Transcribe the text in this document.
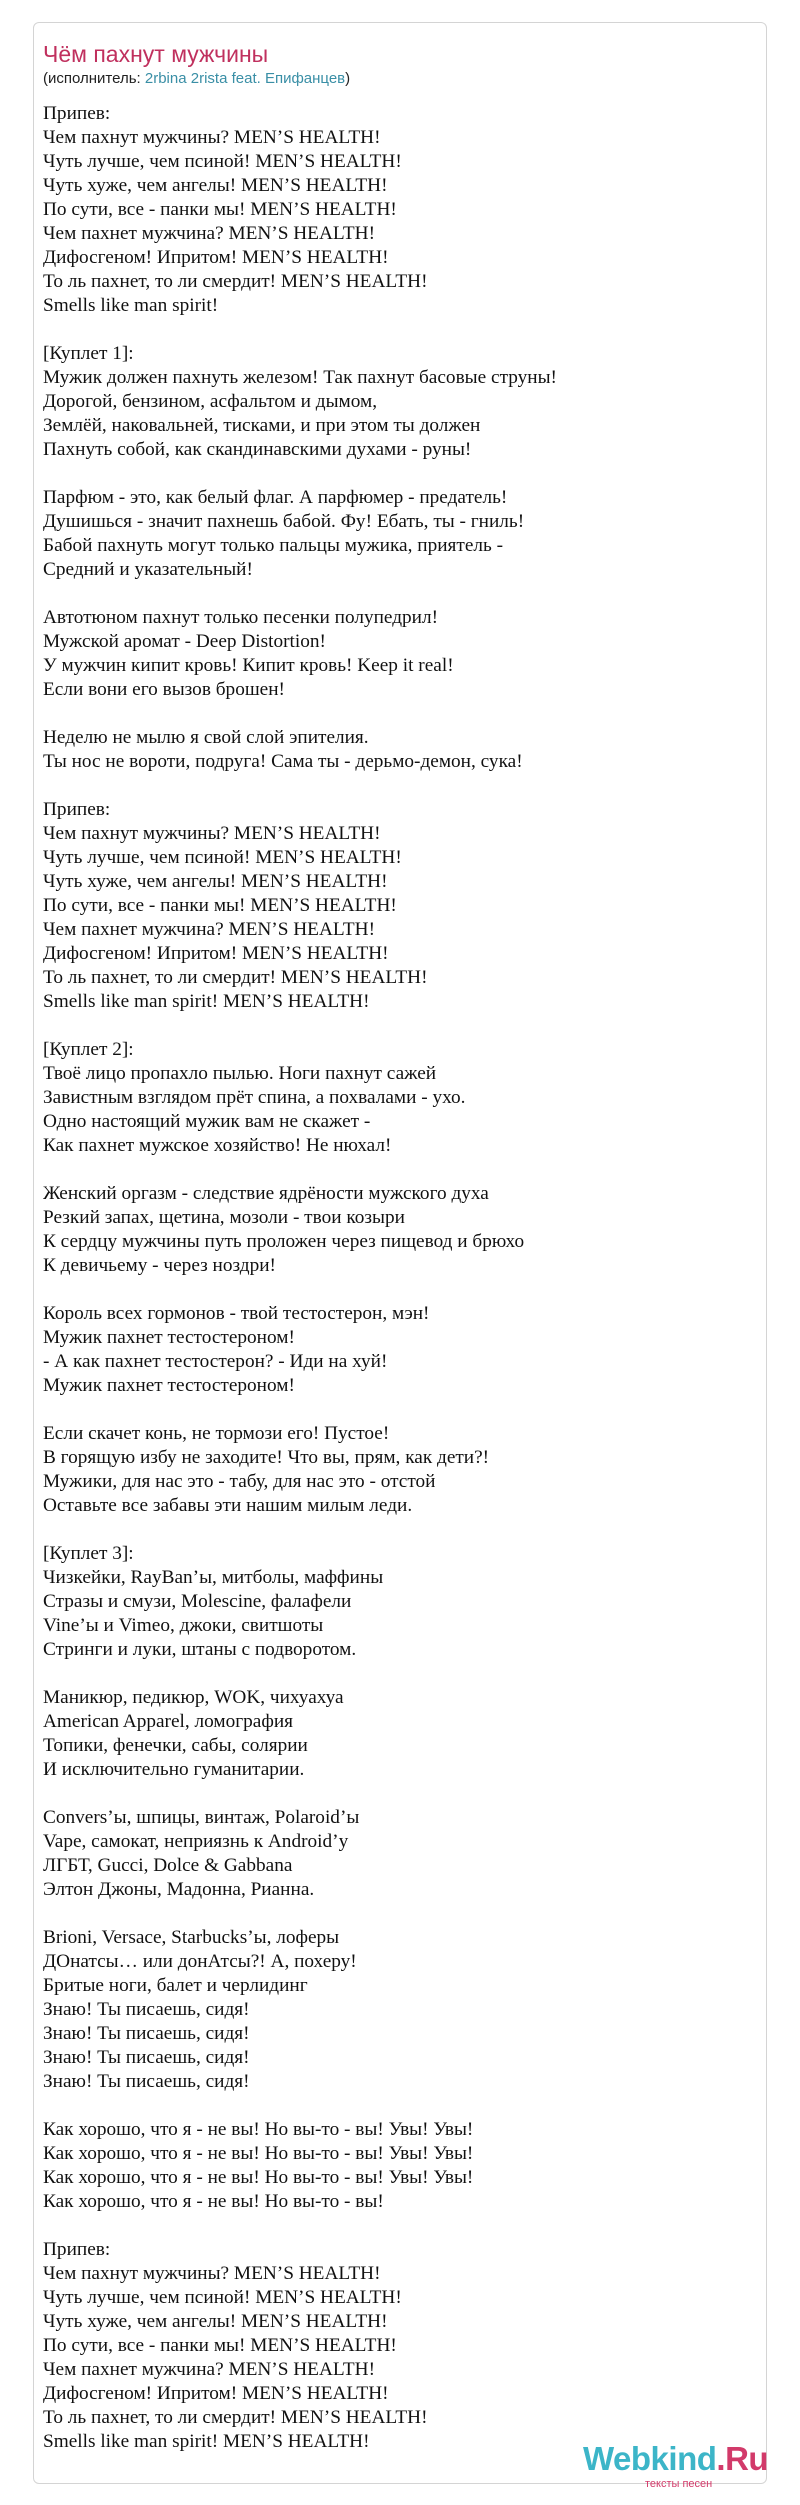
Чём пахнут мужчины
(исполнитель: 2rbina 2rista feat. Епифанцев)
Припев:
Чем пахнут мужчины? MEN’S HEALTH!
Чуть лучше, чем псиной! MEN’S HEALTH!
Чуть хуже, чем ангелы! MEN’S HEALTH!
По сути, все - панки мы! MEN’S HEALTH!
Чем пахнет мужчина? MEN’S HEALTH!
Дифосгеном! Ипритом! MEN’S HEALTH!
То ль пахнет, то ли смердит! MEN’S HEALTH!
Smells like man spirit!
[Куплет 1]:
Мужик должен пахнуть железом! Так пахнут басовые струны!
Дорогой, бензином, асфальтом и дымом,
Землёй, наковальней, тисками, и при этом ты должен
Пахнуть собой, как скандинавскими духами - руны!
Парфюм - это, как белый флаг. А парфюмер - предатель!
Душишься - значит пахнешь бабой. Фу! Ебать, ты - гниль!
Бабой пахнуть могут только пальцы мужика, приятель -
Средний и указательный!
Автотюном пахнут только песенки полупедрил!
Мужской аромат - Deep Distortion!
У мужчин кипит кровь! Кипит кровь! Keep it real!
Если вони его вызов брошен!
Неделю не мылю я свой слой эпителия.
Ты нос не вороти, подруга! Сама ты - дерьмо-демон, сука!
Припев:
Чем пахнут мужчины? MEN’S HEALTH!
Чуть лучше, чем псиной! MEN’S HEALTH!
Чуть хуже, чем ангелы! MEN’S HEALTH!
По сути, все - панки мы! MEN’S HEALTH!
Чем пахнет мужчина? MEN’S HEALTH!
Дифосгеном! Ипритом! MEN’S HEALTH!
То ль пахнет, то ли смердит! MEN’S HEALTH!
Smells like man spirit! MEN’S HEALTH!
[Куплет 2]:
Твоё лицо пропахло пылью. Ноги пахнут сажей
Завистным взглядом прёт спина, а похвалами - ухо.
Одно настоящий мужик вам не скажет -
Как пахнет мужское хозяйство! Не нюхал!
Женский оргазм - следствие ядрёности мужского духа
Резкий запах, щетина, мозоли - твои козыри
К сердцу мужчины путь проложен через пищевод и брюхо
К девичьему - через ноздри!
Король всех гормонов - твой тестостерон, мэн!
Мужик пахнет тестостероном!
- А как пахнет тестостерон? - Иди на хуй!
Мужик пахнет тестостероном!
Если скачет конь, не тормози его! Пустое!
В горящую избу не заходите! Что вы, прям, как дети?!
Мужики, для нас это - табу, для нас это - отстой
Оставьте все забавы эти нашим милым леди.
[Куплет 3]:
Чизкейки, RayBan’ы, митболы, маффины
Стразы и смузи, Molescine, фалафели
Vine’ы и Vimeo, джоки, свитшоты
Стринги и луки, штаны с подворотом.
Маникюр, педикюр, WOK, чихуахуа
American Apparel, ломография
Топики, фенечки, сабы, солярии
И исключительно гуманитарии.
Convers’ы, шпицы, винтаж, Polaroid’ы
Vape, самокат, неприязнь к Android’у
ЛГБТ, Gucci, Dolce & Gabbana
Элтон Джоны, Мадонна, Рианна.
Brioni, Versace, Starbucks’ы, лоферы
ДОнатсы… или донАтсы?! А, похеру!
Бритые ноги, балет и черлидинг
Знаю! Ты писаешь, сидя!
Знаю! Ты писаешь, сидя!
Знаю! Ты писаешь, сидя!
Знаю! Ты писаешь, сидя!
Как хорошо, что я - не вы! Но вы-то - вы! Увы! Увы!
Как хорошо, что я - не вы! Но вы-то - вы! Увы! Увы!
Как хорошо, что я - не вы! Но вы-то - вы! Увы! Увы!
Как хорошо, что я - не вы! Но вы-то - вы!
Припев:
Чем пахнут мужчины? MEN’S HEALTH!
Чуть лучше, чем псиной! MEN’S HEALTH!
Чуть хуже, чем ангелы! MEN’S HEALTH!
По сути, все - панки мы! MEN’S HEALTH!
Чем пахнет мужчина? MEN’S HEALTH!
Дифосгеном! Ипритом! MEN’S HEALTH!
То ль пахнет, то ли смердит! MEN’S HEALTH!
Smells like man spirit! MEN’S HEALTH!	Webkind.Ru
тексты песен
